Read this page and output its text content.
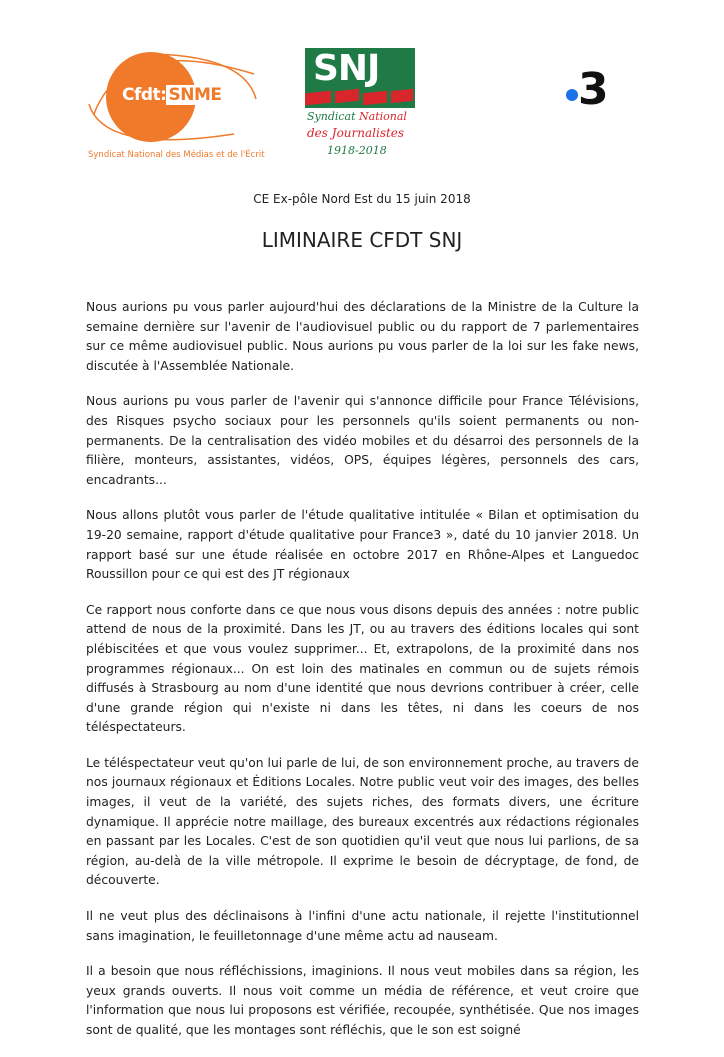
Cfdt: SNME
Syndicat National des Médias et de l'Écrit
SNJ
Syndicat National
des Journalistes
1918-2018
3
CE Ex-pôle Nord Est du 15 juin 2018
LIMINAIRE CFDT SNJ

Nous aurions pu vous parler aujourd'hui des déclarations de la Ministre de la Culture la semaine dernière sur l'avenir de l'audiovisuel public ou du rapport de 7 parlementaires sur ce même audiovisuel public. Nous aurions pu vous parler de la loi sur les fake news, discutée à l'Assemblée Nationale.

Nous aurions pu vous parler de l'avenir qui s'annonce difficile pour France Télévisions, des Risques psycho sociaux pour les personnels qu'ils soient permanents ou non-permanents. De la centralisation des vidéo mobiles et du désarroi des personnels de la filière, monteurs, assistantes, vidéos, OPS, équipes légères, personnels des cars, encadrants...

Nous allons plutôt vous parler de l'étude qualitative intitulée « Bilan et optimisation du 19-20 semaine, rapport d'étude qualitative pour France3 », daté du 10 janvier 2018. Un rapport basé sur une étude réalisée en octobre 2017 en Rhône-Alpes et Languedoc Roussillon pour ce qui est des JT régionaux

Ce rapport nous conforte dans ce que nous vous disons depuis des années : notre public attend de nous de la proximité. Dans les JT, ou au travers des éditions locales qui sont plébiscitées et que vous voulez supprimer... Et, extrapolons, de la proximité dans nos programmes régionaux... On est loin des matinales en commun ou de sujets rémois diffusés à Strasbourg au nom d'une identité que nous devrions contribuer à créer, celle d'une grande région qui n'existe ni dans les têtes, ni dans les coeurs de nos téléspectateurs.

Le téléspectateur veut qu'on lui parle de lui, de son environnement proche, au travers de nos journaux régionaux et Éditions Locales. Notre public veut voir des images, des belles images, il veut de la variété, des sujets riches, des formats divers, une écriture dynamique. Il apprécie notre maillage, des bureaux excentrés aux rédactions régionales en passant par les Locales. C'est de son quotidien qu'il veut que nous lui parlions, de sa région, au-delà de la ville métropole. Il exprime le besoin de décryptage, de fond, de découverte.

Il ne veut plus des déclinaisons à l'infini d'une actu nationale, il rejette l'institutionnel sans imagination, le feuilletonnage d'une même actu ad nauseam.

Il a besoin que nous réfléchissions, imaginions. Il nous veut mobiles dans sa région, les yeux grands ouverts. Il nous voit comme un média de référence, et veut croire que l'information que nous lui proposons est vérifiée, recoupée, synthétisée. Que nos images sont de qualité, que les montages sont réfléchis, que le son est soigné
